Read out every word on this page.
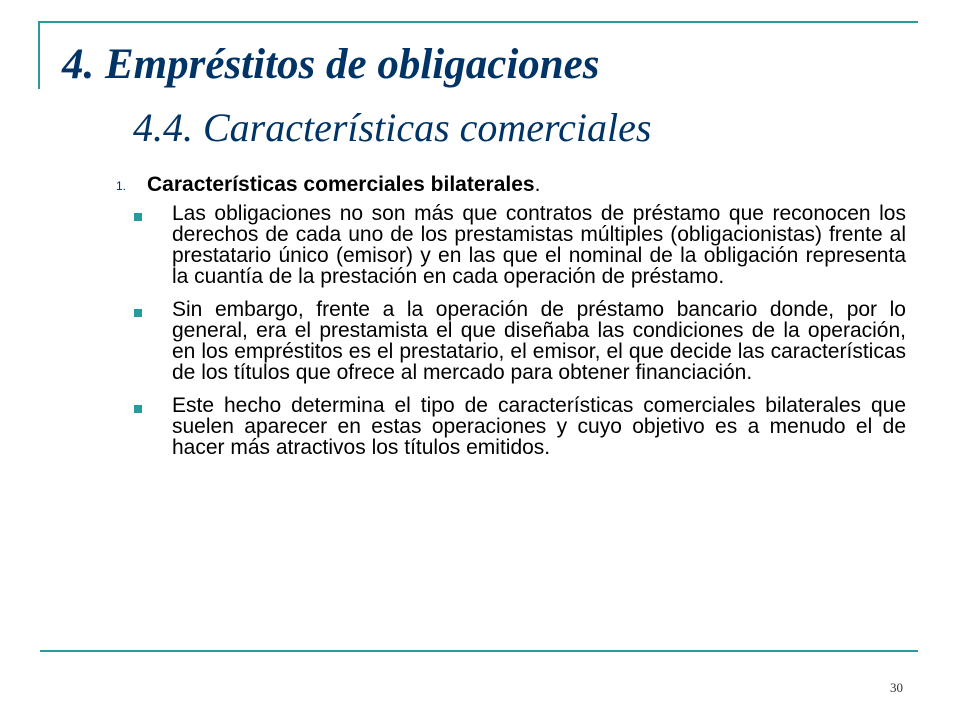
4. Empréstitos de obligaciones
4.4. Características comerciales
1. Características comerciales bilaterales.

Las obligaciones no son más que contratos de préstamo que reconocen los derechos de cada uno de los prestamistas múltiples (obligacionistas) frente al prestatario único (emisor) y en las que el nominal de la obligación representa la cuantía de la prestación en cada operación de préstamo.

Sin embargo, frente a la operación de préstamo bancario donde, por lo general, era el prestamista el que diseñaba las condiciones de la operación, en los empréstitos es el prestatario, el emisor, el que decide las características de los títulos que ofrece al mercado para obtener financiación.

Este hecho determina el tipo de características comerciales bilaterales que suelen aparecer en estas operaciones y cuyo objetivo es a menudo el de hacer más atractivos los títulos emitidos.

30
